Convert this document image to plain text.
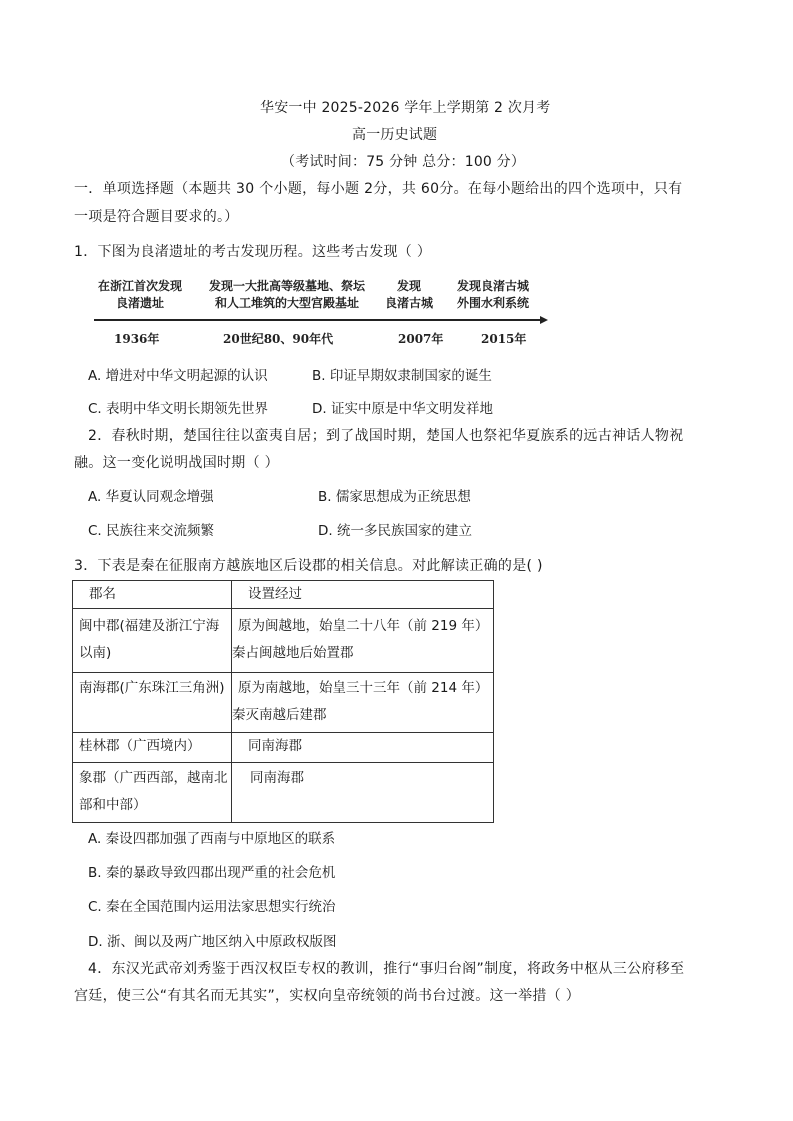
华安一中 2025-2026 学年上学期第 2 次月考
高一历史试题
（考试时间：75 分钟 总分：100 分）
一．单项选择题（本题共 30 个小题，每小题 2分，共 60分。在每小题给出的四个选项中，只有
一项是符合题目要求的。）
1．下图为良渚遗址的考古发现历程。这些考古发现（ ）
在浙江首次发现
良渚遗址
发现一大批高等级墓地、祭坛
和人工堆筑的大型宫殿基址
发现
良渚古城
发现良渚古城
外围水利系统
1936年	20世纪80、90年代	2007年	2015年
A. 增进对中华文明起源的认识	B. 印证早期奴隶制国家的诞生
C. 表明中华文明长期领先世界	D. 证实中原是中华文明发祥地
2．春秋时期，楚国往往以蛮夷自居；到了战国时期，楚国人也祭祀华夏族系的远古神话人物祝
融。这一变化说明战国时期（ ）
A. 华夏认同观念增强	B. 儒家思想成为正统思想
C. 民族往来交流频繁	D. 统一多民族国家的建立
3．下表是秦在征服南方越族地区后设郡的相关信息。对此解读正确的是( )
郡名	设置经过

闽中郡(福建及浙江宁海以南)	原为闽越地，始皇二十八年（前 219 年）秦占闽越地后始置郡

南海郡(广东珠江三角洲)	原为南越地，始皇三十三年（前 214 年）秦灭南越后建郡

桂林郡（广西境内）	同南海郡

象郡（广西西部，越南北部和中部）	同南海郡
A. 秦设四郡加强了西南与中原地区的联系
B. 秦的暴政导致四郡出现严重的社会危机
C. 秦在全国范围内运用法家思想实行统治
D. 浙、闽以及两广地区纳入中原政权版图
4．东汉光武帝刘秀鉴于西汉权臣专权的教训，推行“事归台阁”制度，将政务中枢从三公府移至
宫廷，使三公“有其名而无其实”，实权向皇帝统领的尚书台过渡。这一举措（ ）
